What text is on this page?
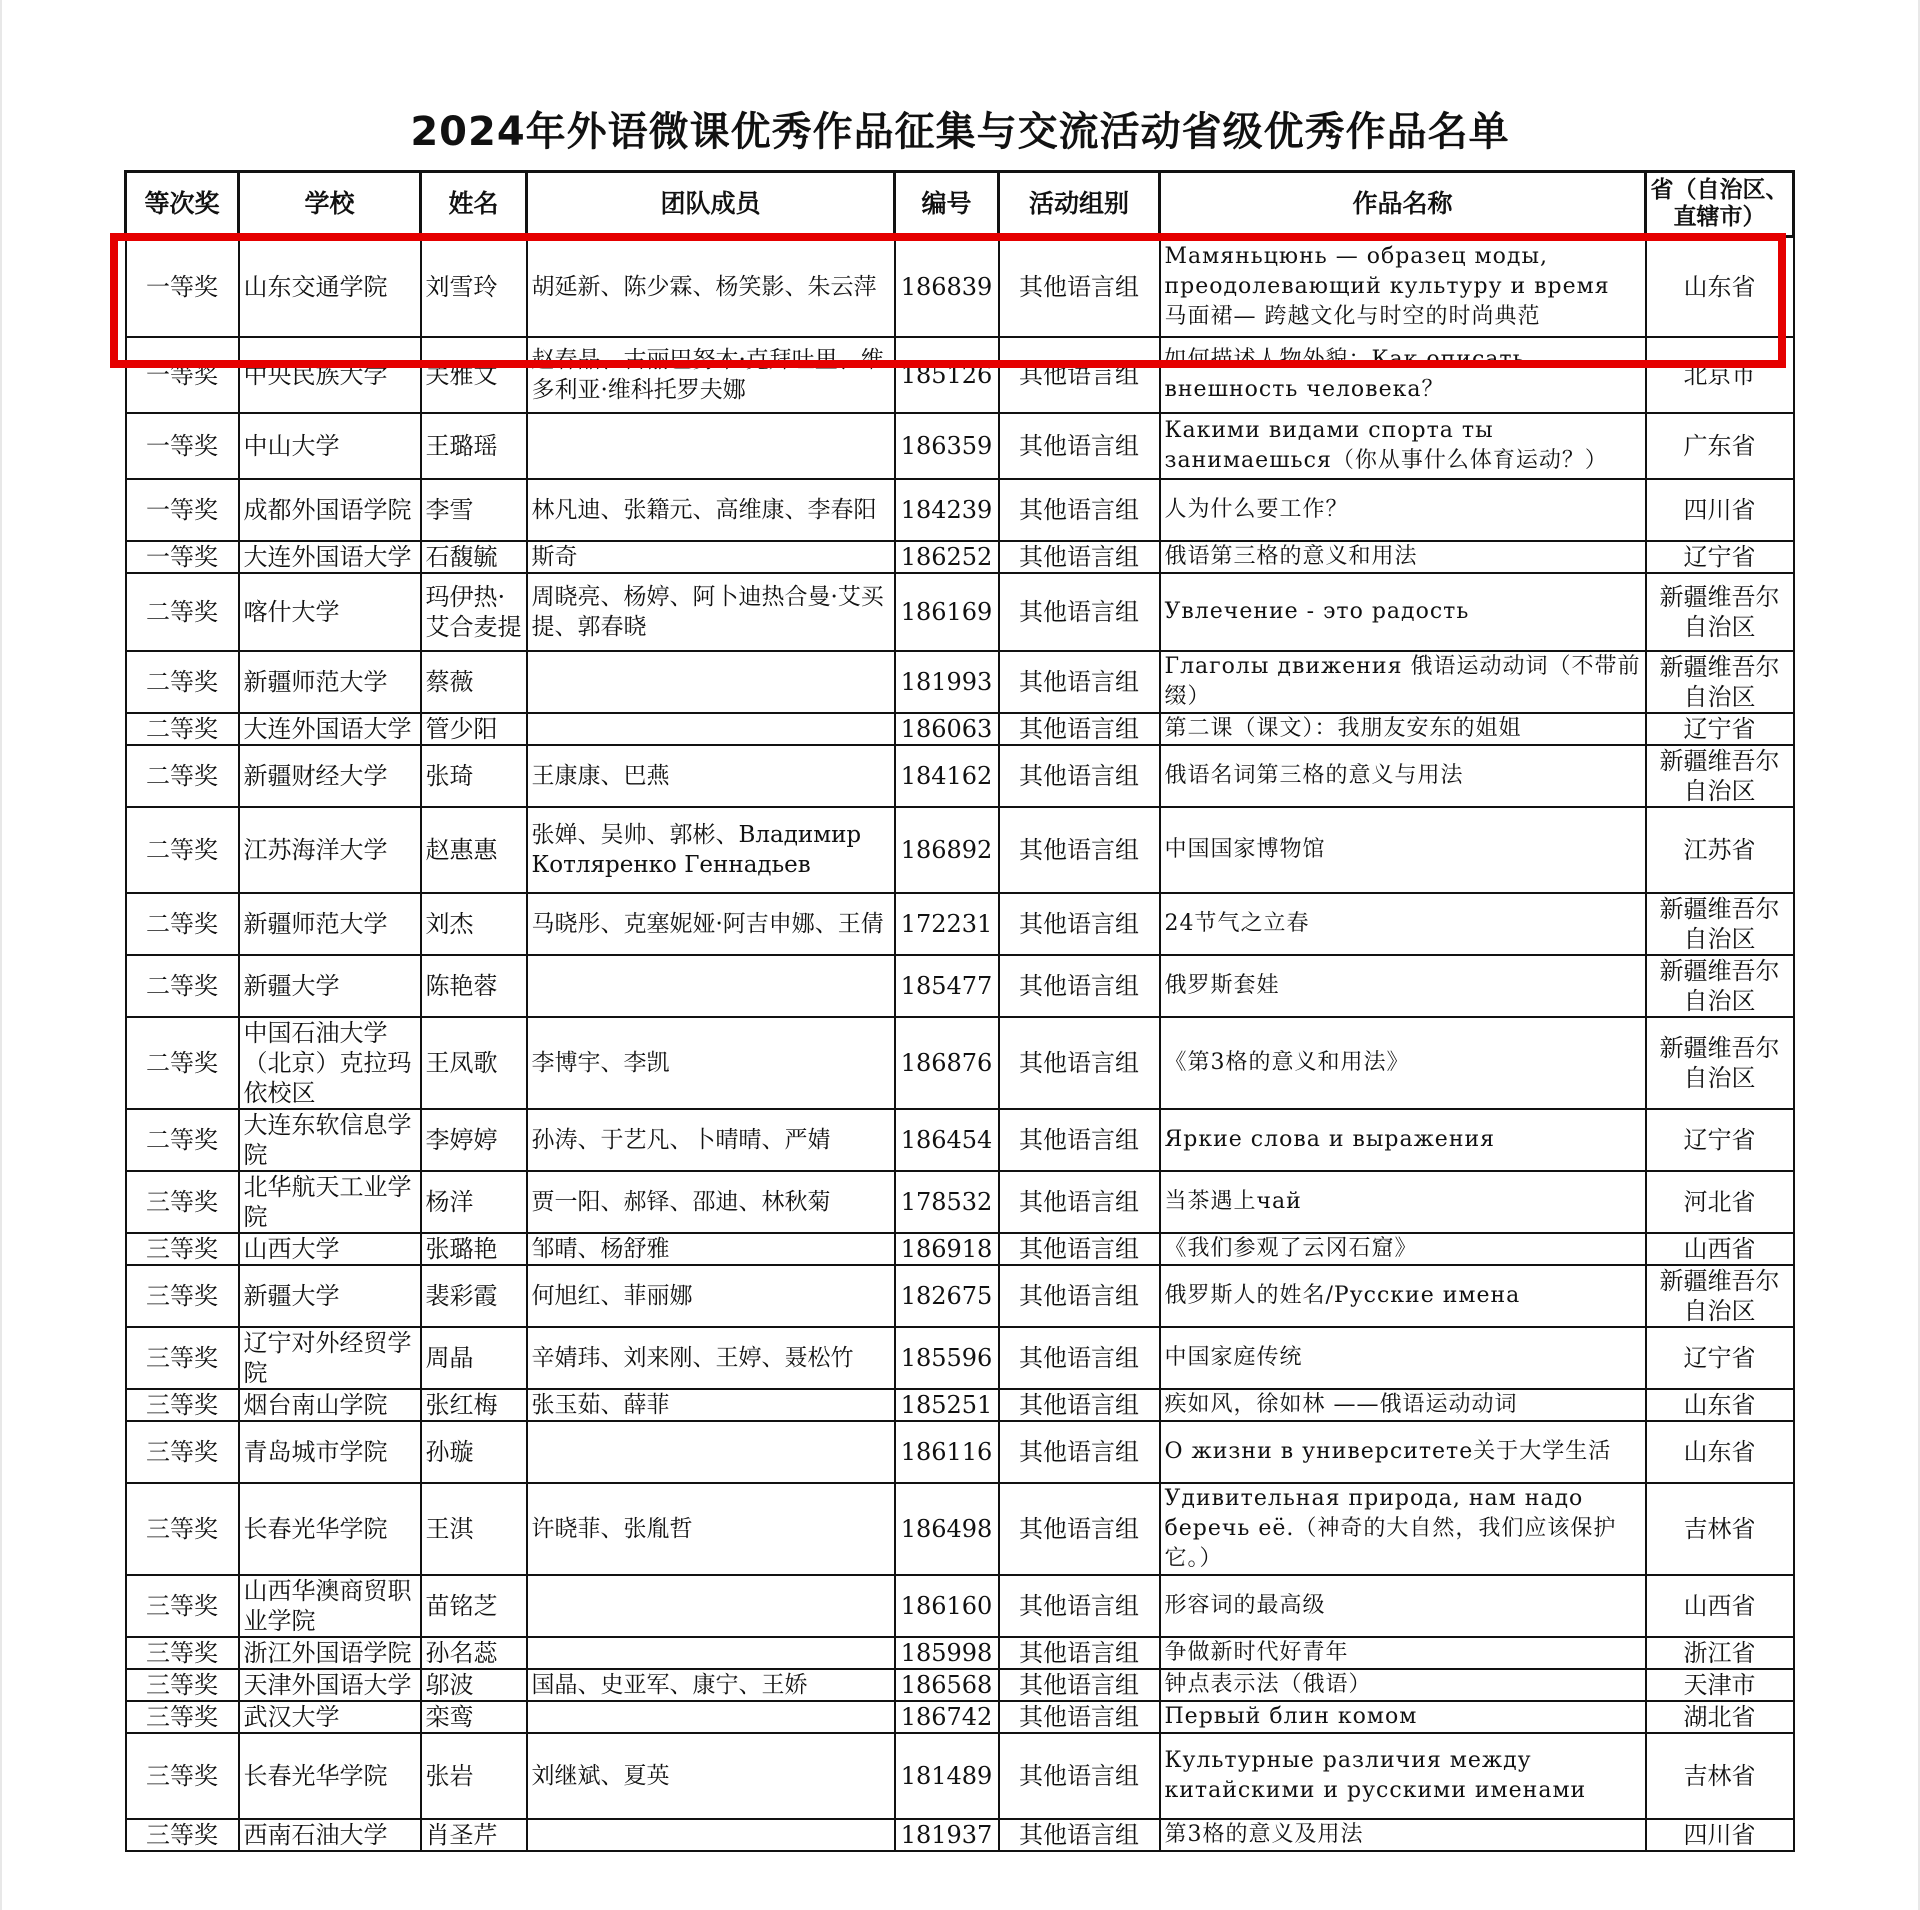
2024年外语微课优秀作品征集与交流活动省级优秀作品名单
等次奖	学校	姓名	团队成员	编号	活动组别	作品名称	省（自治区、直辖市）
一等奖	山东交通学院	刘雪玲	胡延新、陈少霖、杨笑影、朱云萍	186839	其他语言组	Мамяньцюнь — образец моды, преодолевающий культуру и время 马面裙— 跨越文化与时空的时尚典范	山东省
一等奖	中央民族大学	关雅文	赵春晶、古丽巴努木·克拜吐里、维多利亚·维科托罗夫娜	185126	其他语言组	如何描述人物外貌：Как описать внешность человека？	北京市
一等奖	中山大学	王璐瑶		186359	其他语言组	Какими видами спорта ты занимаешься（你从事什么体育运动？）	广东省
一等奖	成都外国语学院	李雪	林凡迪、张籍元、高维康、李春阳	184239	其他语言组	人为什么要工作？	四川省
一等奖	大连外国语大学	石馥毓	斯奇	186252	其他语言组	俄语第三格的意义和用法	辽宁省
二等奖	喀什大学	玛伊热·艾合麦提	周晓亮、杨婷、阿卜迪热合曼·艾买提、郭春晓	186169	其他语言组	Увлечение - это радость	新疆维吾尔自治区
二等奖	新疆师范大学	蔡薇		181993	其他语言组	Глаголы движения 俄语运动动词（不带前缀）	新疆维吾尔自治区
二等奖	大连外国语大学	管少阳		186063	其他语言组	第二课（课文）：我朋友安东的姐姐	辽宁省
二等奖	新疆财经大学	张琦	王康康、巴燕	184162	其他语言组	俄语名词第三格的意义与用法	新疆维吾尔自治区
二等奖	江苏海洋大学	赵惠惠	张婵、吴帅、郭彬、Владимир Котляренко Геннадьев	186892	其他语言组	中国国家博物馆	江苏省
二等奖	新疆师范大学	刘杰	马晓彤、克塞妮娅·阿吉申娜、王倩	172231	其他语言组	24节气之立春	新疆维吾尔自治区
二等奖	新疆大学	陈艳蓉		185477	其他语言组	俄罗斯套娃	新疆维吾尔自治区
二等奖	中国石油大学（北京）克拉玛依校区	王凤歌	李博宇、李凯	186876	其他语言组	《第3格的意义和用法》	新疆维吾尔自治区
二等奖	大连东软信息学院	李婷婷	孙涛、于艺凡、卜晴晴、严婧	186454	其他语言组	Яркие слова и выражения	辽宁省
三等奖	北华航天工业学院	杨洋	贾一阳、郝铎、邵迪、林秋菊	178532	其他语言组	当茶遇上чай	河北省
三等奖	山西大学	张璐艳	邹晴、杨舒雅	186918	其他语言组	《我们参观了云冈石窟》	山西省
三等奖	新疆大学	裴彩霞	何旭红、菲丽娜	182675	其他语言组	俄罗斯人的姓名/Русские имена	新疆维吾尔自治区
三等奖	辽宁对外经贸学院	周晶	辛婧玮、刘来刚、王婷、聂松竹	185596	其他语言组	中国家庭传统	辽宁省
三等奖	烟台南山学院	张红梅	张玉茹、薛菲	185251	其他语言组	疾如风，徐如林 ——俄语运动动词	山东省
三等奖	青岛城市学院	孙璇		186116	其他语言组	О жизни в университете关于大学生活	山东省
三等奖	长春光华学院	王淇	许晓菲、张胤哲	186498	其他语言组	Удивительная природа, нам надо беречь её.（神奇的大自然，我们应该保护它。）	吉林省
三等奖	山西华澳商贸职业学院	苗铭芝		186160	其他语言组	形容词的最高级	山西省
三等奖	浙江外国语学院	孙名蕊		185998	其他语言组	争做新时代好青年	浙江省
三等奖	天津外国语大学	邬波	国晶、史亚军、康宁、王娇	186568	其他语言组	钟点表示法（俄语）	天津市
三等奖	武汉大学	栾鸾		186742	其他语言组	Первый блин комом	湖北省
三等奖	长春光华学院	张岩	刘继斌、夏英	181489	其他语言组	Культурные различия между китайскими и русскими именами	吉林省
三等奖	西南石油大学	肖圣芹		181937	其他语言组	第3格的意义及用法	四川省
